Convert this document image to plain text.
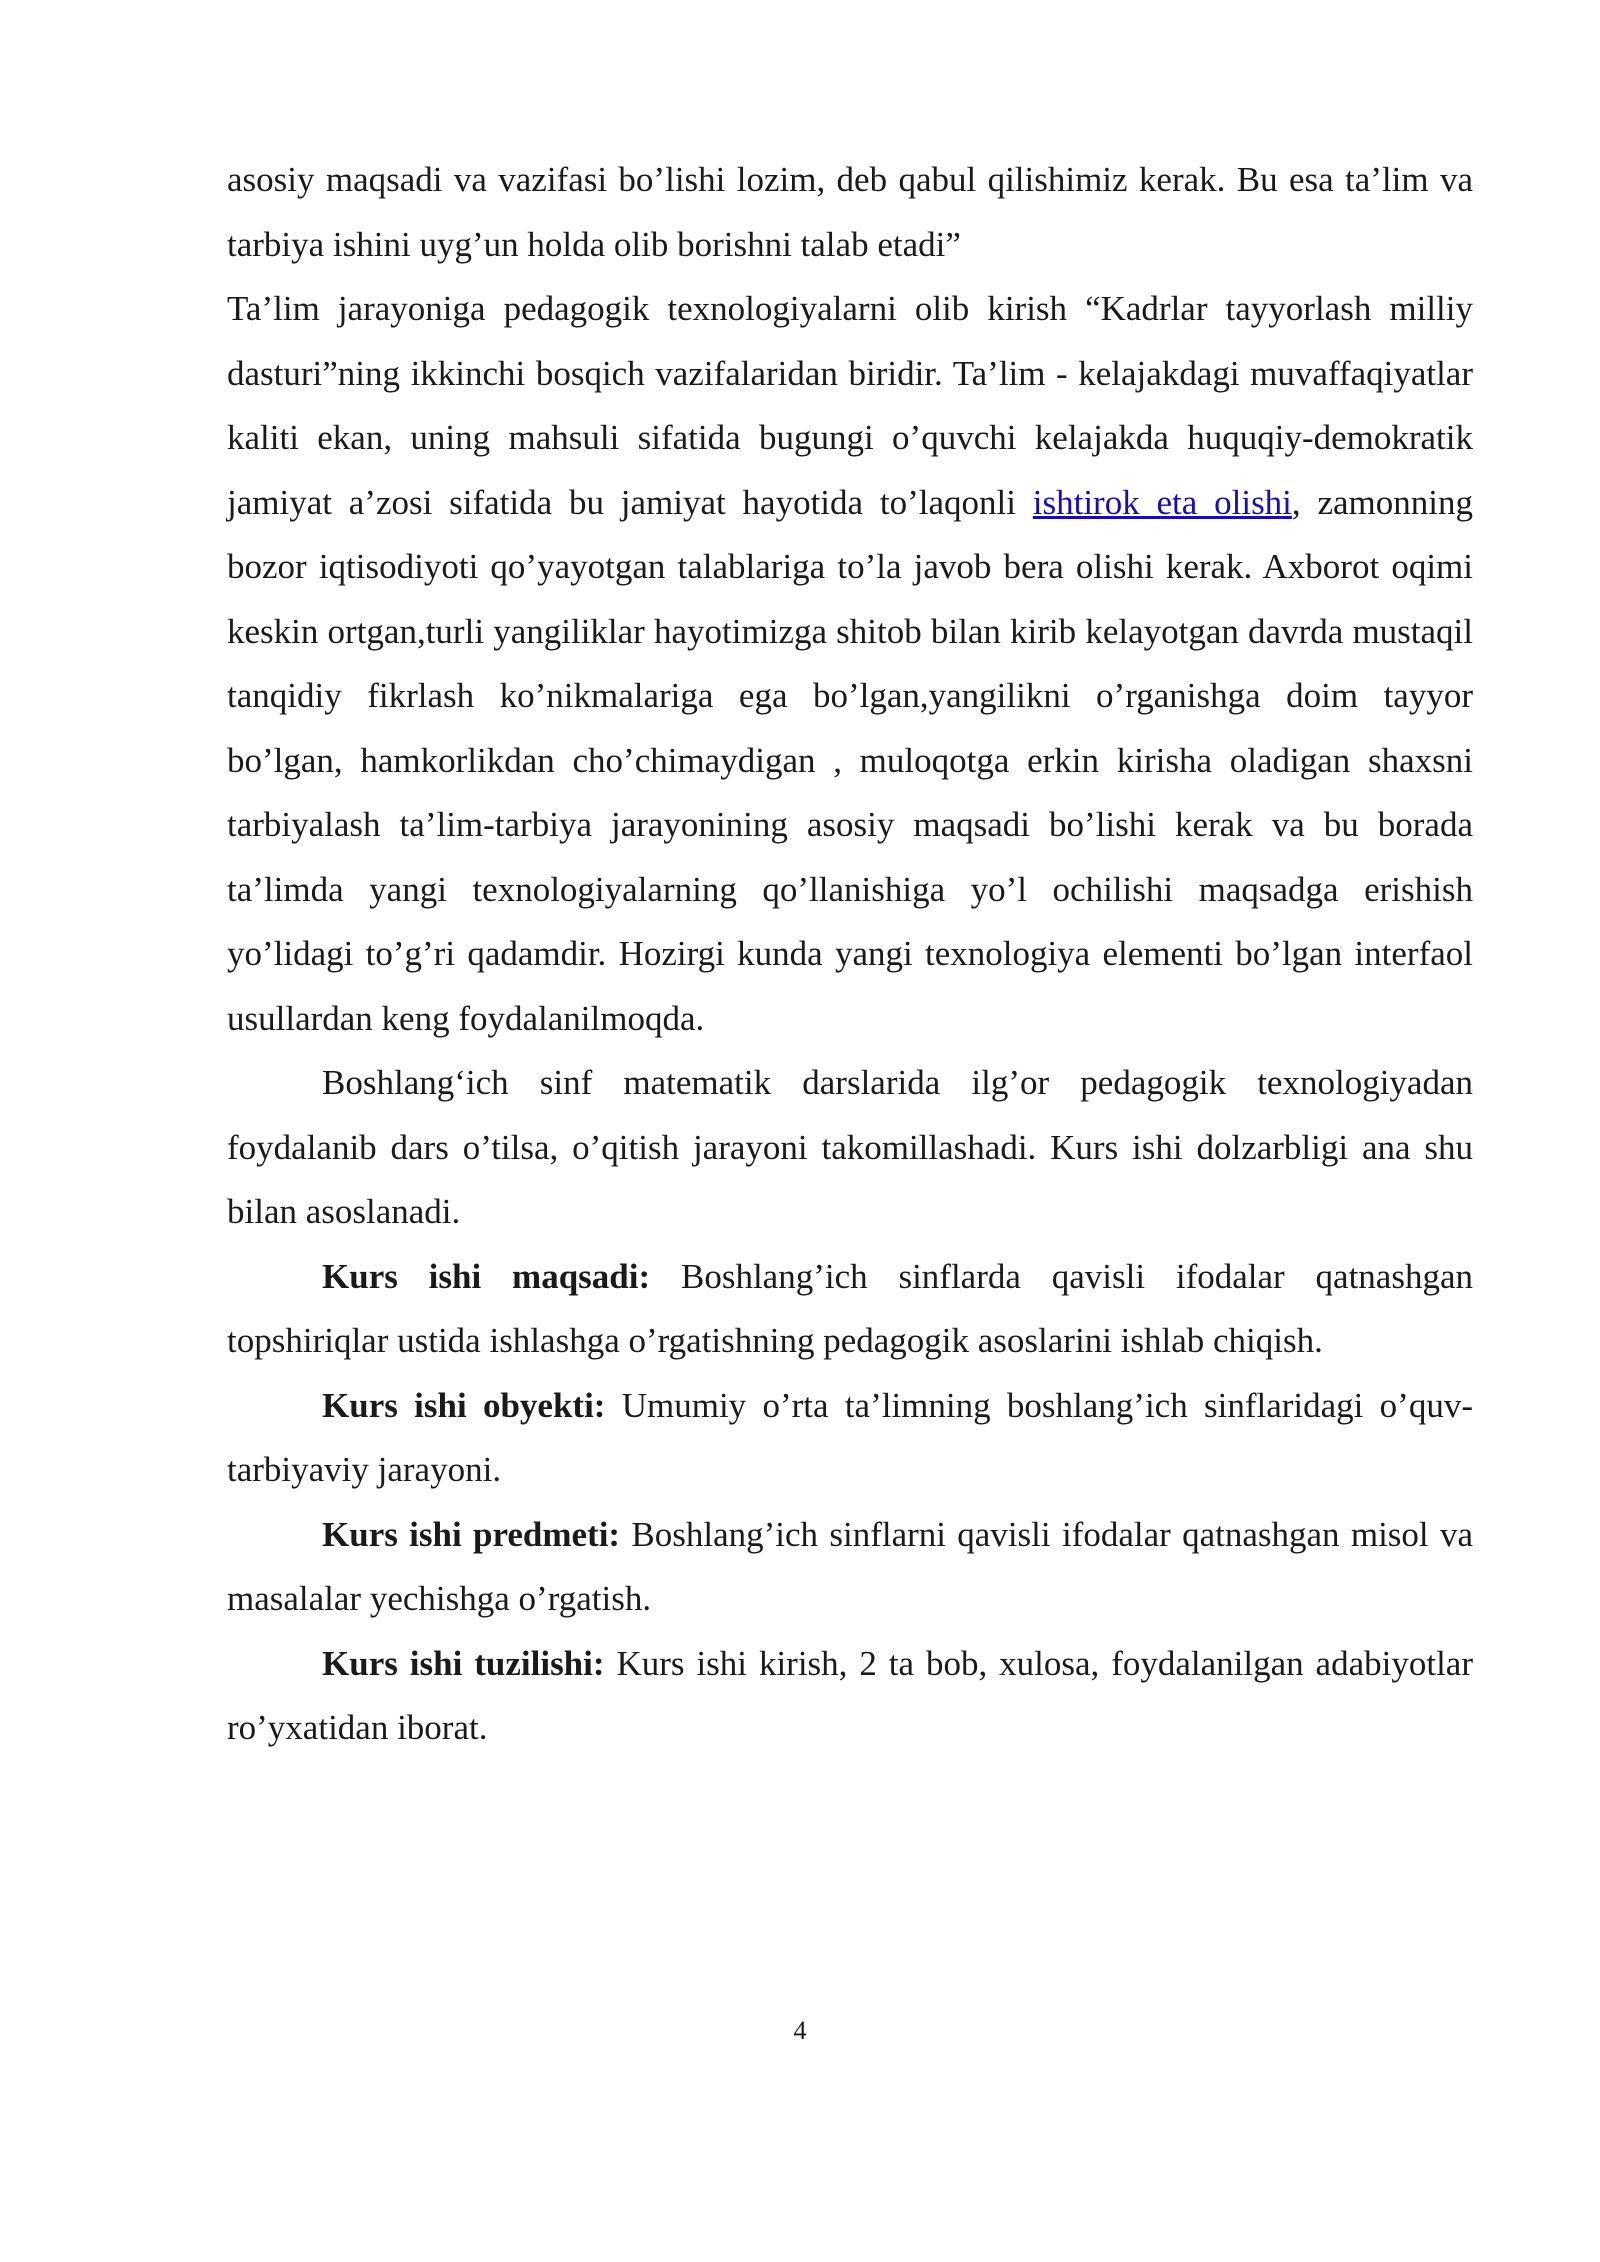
asosiy maqsadi va vazifasi bo’lishi lozim, deb qabul qilishimiz kerak. Bu esa ta’lim va tarbiya ishini uyg’un holda olib borishni talab etadi”

Ta’lim jarayoniga pedagogik texnologiyalarni olib kirish “Kadrlar tayyorlash milliy dasturi”ning ikkinchi bosqich vazifalaridan biridir. Ta’lim - kelajakdagi muvaffaqiyatlar kaliti ekan, uning mahsuli sifatida bugungi o’quvchi kelajakda huquqiy-demokratik jamiyat a’zosi sifatida bu jamiyat hayotida to’laqonli ishtirok eta olishi, zamonning bozor iqtisodiyoti qo’yayotgan talablariga to’la javob bera olishi kerak. Axborot oqimi keskin ortgan,turli yangiliklar hayotimizga shitob bilan kirib kelayotgan davrda mustaqil tanqidiy fikrlash ko’nikmalariga ega bo’lgan,yangilikni o’rganishga doim tayyor bo’lgan, hamkorlikdan cho’chimaydigan , muloqotga erkin kirisha oladigan shaxsni tarbiyalash ta’lim-tarbiya jarayonining asosiy maqsadi bo’lishi kerak va bu borada ta’limda yangi texnologiyalarning qo’llanishiga yo’l ochilishi maqsadga erishish yo’lidagi to’g’ri qadamdir. Hozirgi kunda yangi texnologiya elementi bo’lgan interfaol usullardan keng foydalanilmoqda.

Boshlang‘ich sinf matematik darslarida ilg’or pedagogik texnologiyadan foydalanib dars o’tilsa, o’qitish jarayoni takomillashadi. Kurs ishi dolzarbligi ana shu bilan asoslanadi.

Kurs ishi maqsadi: Boshlang’ich sinflarda qavisli ifodalar qatnashgan topshiriqlar ustida ishlashga o’rgatishning pedagogik asoslarini ishlab chiqish.

Kurs ishi obyekti: Umumiy o’rta ta’limning boshlang’ich sinflaridagi o’quv-tarbiyaviy jarayoni.

Kurs ishi predmeti: Boshlang’ich sinflarni qavisli ifodalar qatnashgan misol va masalalar yechishga o’rgatish.

Kurs ishi tuzilishi: Kurs ishi kirish, 2 ta bob, xulosa, foydalanilgan adabiyotlar ro’yxatidan iborat.

4
